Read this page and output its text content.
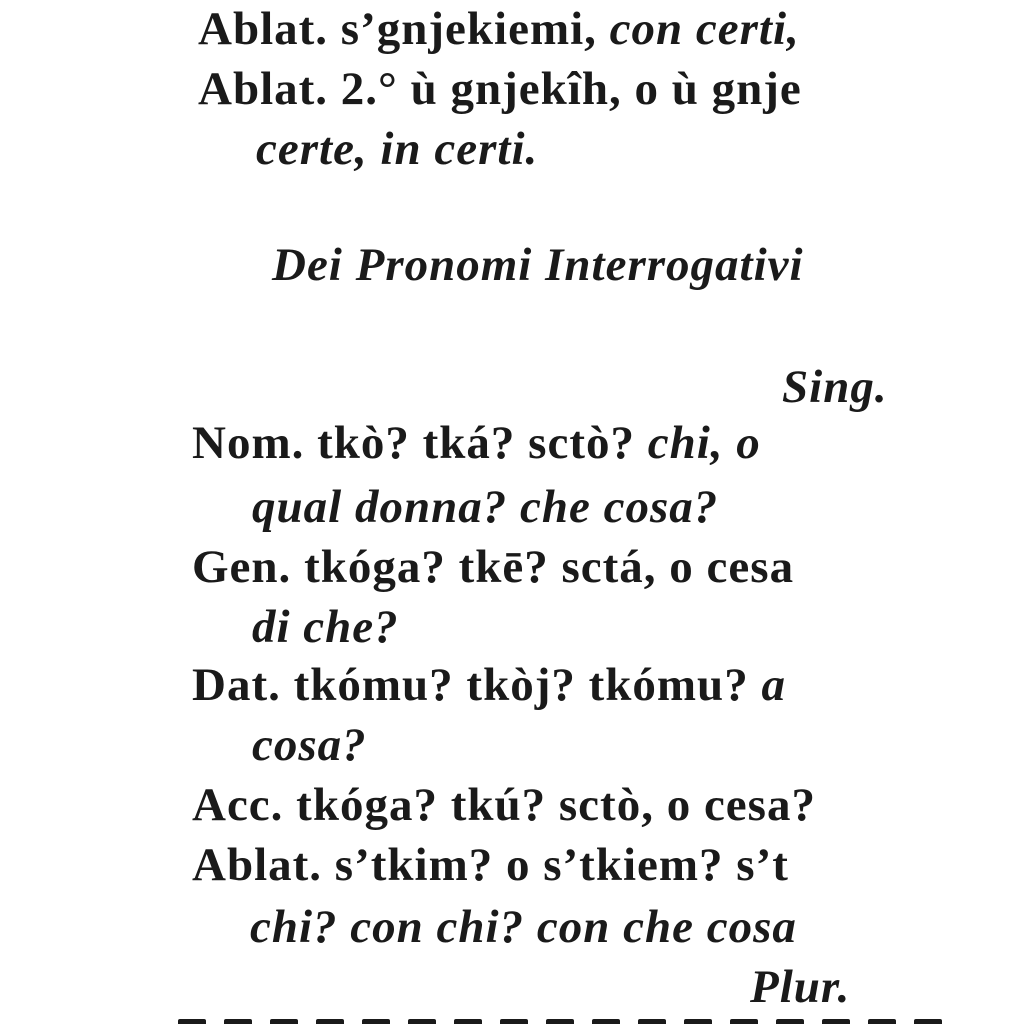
Ablat. s’gnjekiemi, con certi,
Ablat. 2.° ù gnjekîh, o ù gnje
certe, in certi.
Dei Pronomi Interrogativi
Sing.
Nom. tkò? tká? sctò? chi, o
qual donna? che cosa?
Gen. tkóga? tkē? sctá, o cesa
di che?
Dat. tkómu? tkòj? tkómu? a
cosa?
Acc. tkóga? tkú? sctò, o cesa?
Ablat. s’tkim? o s’tkiem? s’t
chi? con chi? con che cosa
Plur.
